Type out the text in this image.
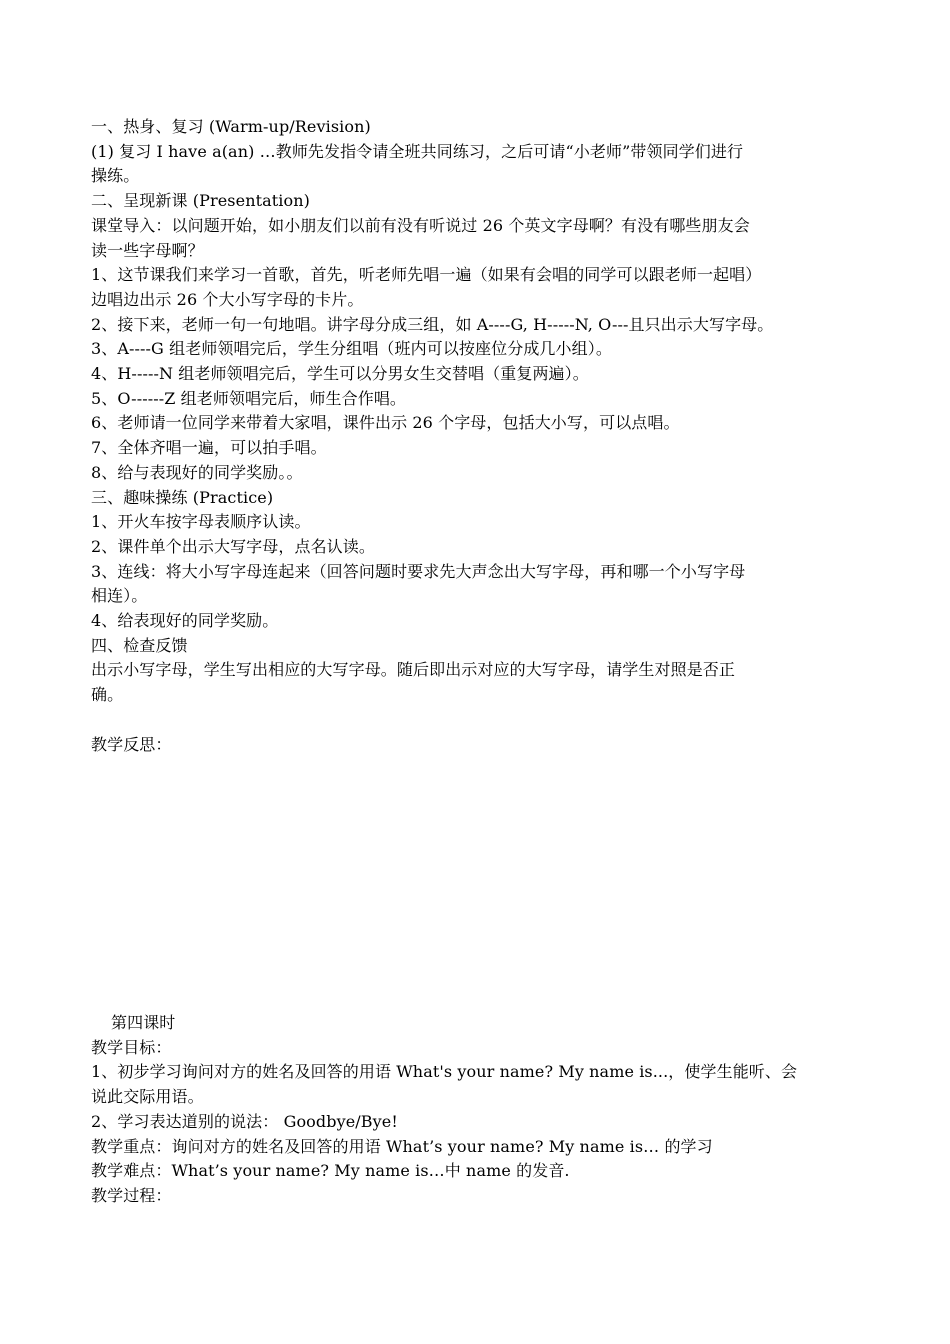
一、热身、复习 (Warm-up/Revision)
(1) 复习 I have a(an) …教师先发指令请全班共同练习，之后可请“小老师”带领同学们进行
操练。
二、呈现新课 (Presentation)
课堂导入：以问题开始，如小朋友们以前有没有听说过 26 个英文字母啊？有没有哪些朋友会
读一些字母啊？
1、这节课我们来学习一首歌，首先，听老师先唱一遍（如果有会唱的同学可以跟老师一起唱）
边唱边出示 26 个大小写字母的卡片。
2、接下来，老师一句一句地唱。讲字母分成三组，如 A----G, H-----N, O---且只出示大写字母。
3、A----G 组老师领唱完后，学生分组唱（班内可以按座位分成几小组）。
4、H-----N 组老师领唱完后，学生可以分男女生交替唱（重复两遍）。
5、O------Z 组老师领唱完后，师生合作唱。
6、老师请一位同学来带着大家唱，课件出示 26 个字母，包括大小写，可以点唱。
7、全体齐唱一遍，可以拍手唱。
8、给与表现好的同学奖励。。
三、趣味操练 (Practice)
1、开火车按字母表顺序认读。
2、课件单个出示大写字母，点名认读。
3、连线：将大小写字母连起来（回答问题时要求先大声念出大写字母，再和哪一个小写字母
相连）。
4、给表现好的同学奖励。
四、检查反馈
出示小写字母，学生写出相应的大写字母。随后即出示对应的大写字母，请学生对照是否正
确。
教学反思：
第四课时
教学目标：
1、初步学习询问对方的姓名及回答的用语 What's your name? My name is...，使学生能听、会
说此交际用语。
2、学习表达道别的说法： Goodbye/Bye!
教学重点：询问对方的姓名及回答的用语 What’s your name? My name is… 的学习
教学难点：What’s your name? My name is…中 name 的发音.
教学过程：
